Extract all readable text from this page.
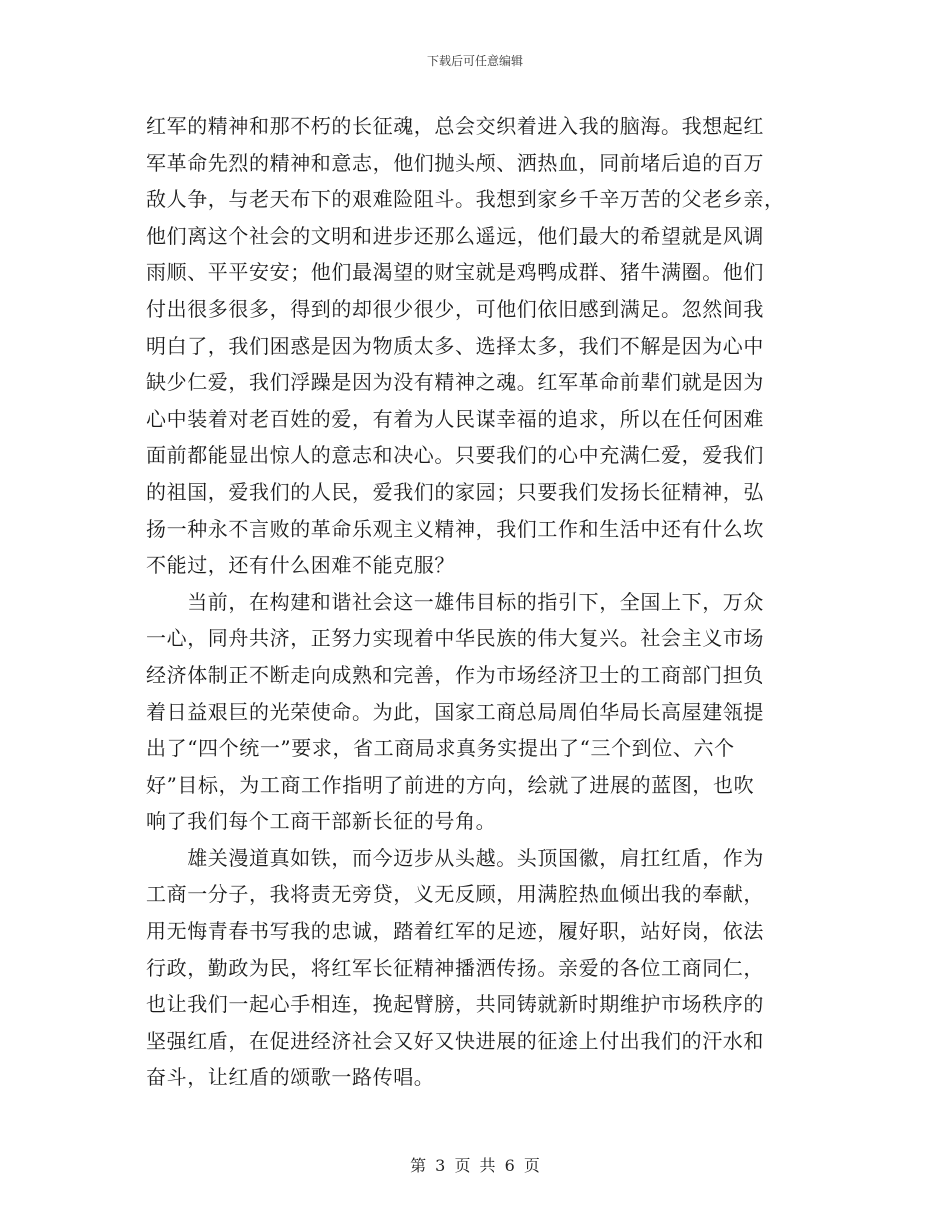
下载后可任意编辑
红军的精神和那不朽的长征魂，总会交织着进入我的脑海。我想起红
军革命先烈的精神和意志，他们抛头颅、洒热血，同前堵后追的百万
敌人争，与老天布下的艰难险阻斗。我想到家乡千辛万苦的父老乡亲，
他们离这个社会的文明和进步还那么遥远，他们最大的希望就是风调
雨顺、平平安安；他们最渴望的财宝就是鸡鸭成群、猪牛满圈。他们
付出很多很多，得到的却很少很少，可他们依旧感到满足。忽然间我
明白了，我们困惑是因为物质太多、选择太多，我们不解是因为心中
缺少仁爱，我们浮躁是因为没有精神之魂。红军革命前辈们就是因为
心中装着对老百姓的爱，有着为人民谋幸福的追求，所以在任何困难
面前都能显出惊人的意志和决心。只要我们的心中充满仁爱，爱我们
的祖国，爱我们的人民，爱我们的家园；只要我们发扬长征精神，弘
扬一种永不言败的革命乐观主义精神，我们工作和生活中还有什么坎
不能过，还有什么困难不能克服？
　　当前，在构建和谐社会这一雄伟目标的指引下，全国上下，万众
一心，同舟共济，正努力实现着中华民族的伟大复兴。社会主义市场
经济体制正不断走向成熟和完善，作为市场经济卫士的工商部门担负
着日益艰巨的光荣使命。为此，国家工商总局周伯华局长高屋建瓴提
出了“四个统一”要求，省工商局求真务实提出了“三个到位、六个
好”目标，为工商工作指明了前进的方向，绘就了进展的蓝图，也吹
响了我们每个工商干部新长征的号角。
　　雄关漫道真如铁，而今迈步从头越。头顶国徽，肩扛红盾，作为
工商一分子，我将责无旁贷，义无反顾，用满腔热血倾出我的奉献，
用无悔青春书写我的忠诚，踏着红军的足迹，履好职，站好岗，依法
行政，勤政为民，将红军长征精神播洒传扬。亲爱的各位工商同仁，
也让我们一起心手相连，挽起臂膀，共同铸就新时期维护市场秩序的
坚强红盾，在促进经济社会又好又快进展的征途上付出我们的汗水和
奋斗，让红盾的颂歌一路传唱。
第 3 页 共 6 页
